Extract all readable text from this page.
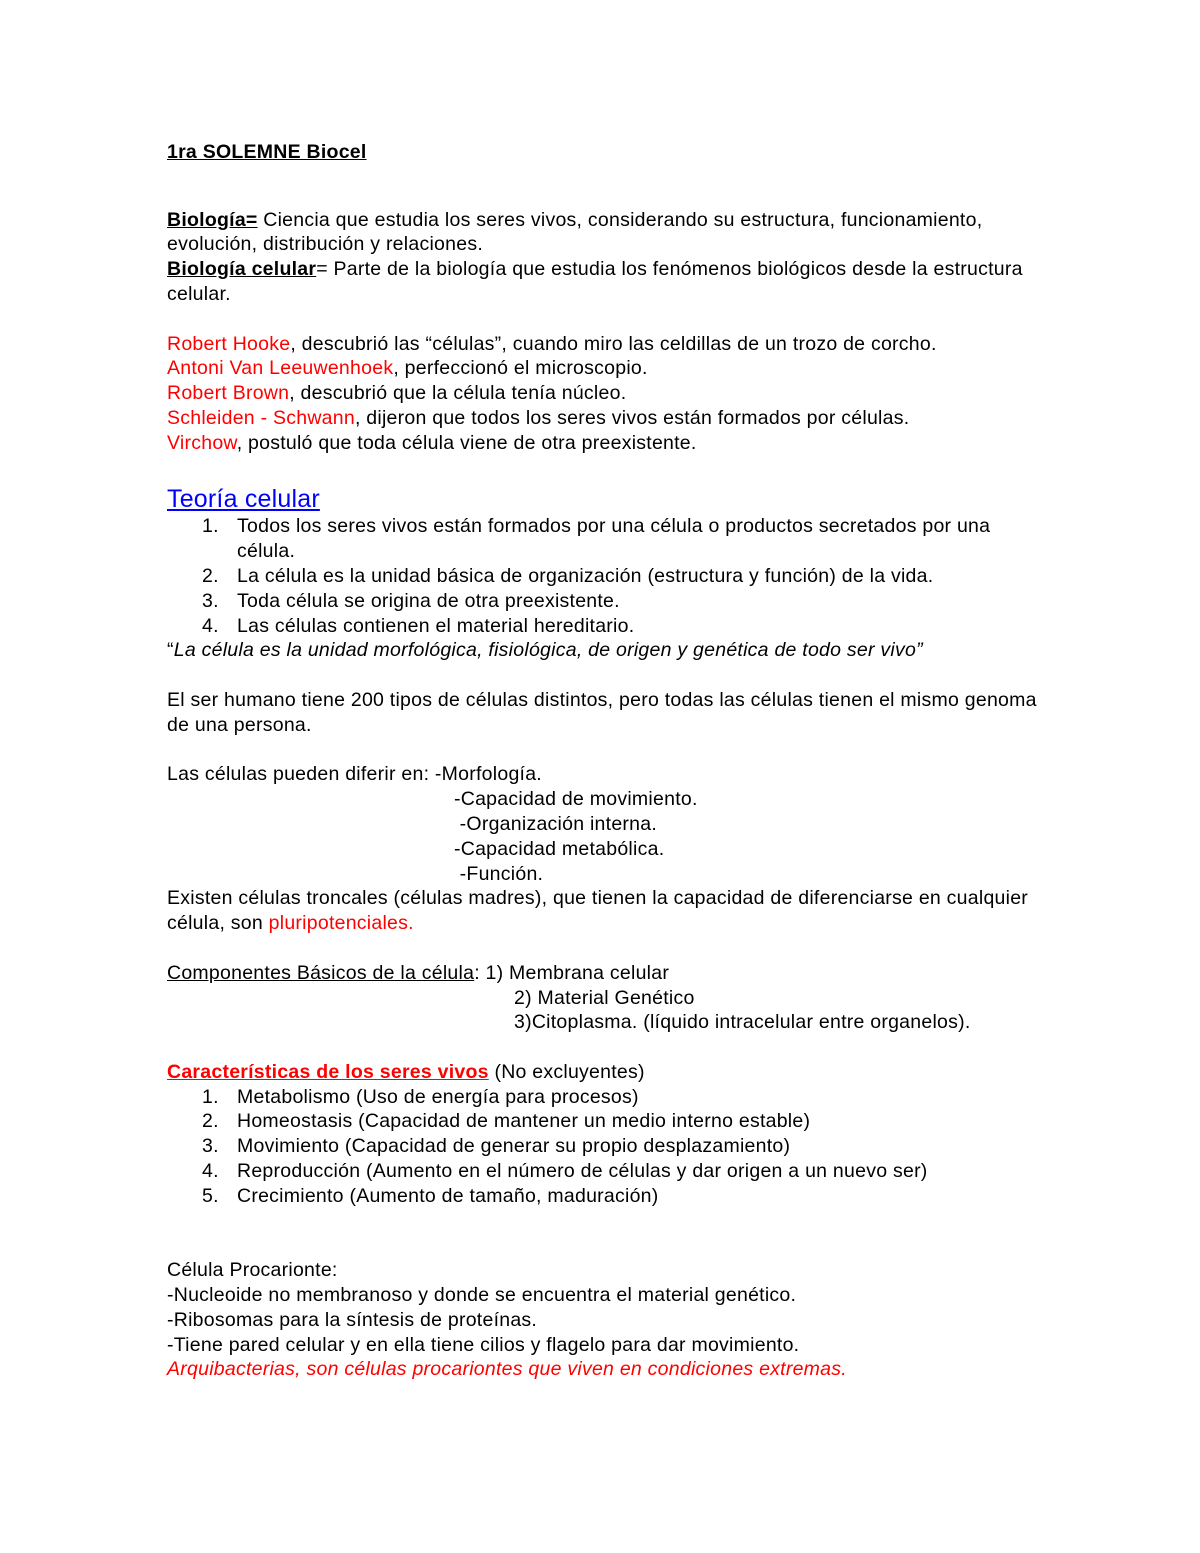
1ra SOLEMNE Biocel

Biología= Ciencia que estudia los seres vivos, considerando su estructura, funcionamiento, evolución, distribución y relaciones.

Biología celular= Parte de la biología que estudia los fenómenos biológicos desde la estructura celular.

Robert Hooke, descubrió las “células”, cuando miro las celdillas de un trozo de corcho.

Antoni Van Leeuwenhoek, perfeccionó el microscopio.

Robert Brown, descubrió que la célula tenía núcleo.

Schleiden - Schwann, dijeron que todos los seres vivos están formados por células.

Virchow, postuló que toda célula viene de otra preexistente.

Teoría celular

1. Todos los seres vivos están formados por una célula o productos secretados por una célula.
2. La célula es la unidad básica de organización (estructura y función) de la vida.
3. Toda célula se origina de otra preexistente.
4. Las células contienen el material hereditario.

“La célula es la unidad morfológica, fisiológica, de origen y genética de todo ser vivo”

El ser humano tiene 200 tipos de células distintos, pero todas las células tienen el mismo genoma de una persona.

Las células pueden diferir en: -Morfología.

-Capacidad de movimiento.

-Organización interna.

-Capacidad metabólica.

-Función.

Existen células troncales (células madres), que tienen la capacidad de diferenciarse en cualquier célula, son pluripotenciales.

Componentes Básicos de la célula: 1) Membrana celular

2) Material Genético

3)Citoplasma. (líquido intracelular entre organelos).

Características de los seres vivos (No excluyentes)

1. Metabolismo (Uso de energía para procesos)
2. Homeostasis (Capacidad de mantener un medio interno estable)
3. Movimiento (Capacidad de generar su propio desplazamiento)
4. Reproducción (Aumento en el número de células y dar origen a un nuevo ser)
5. Crecimiento (Aumento de tamaño, maduración)

Célula Procarionte:

-Nucleoide no membranoso y donde se encuentra el material genético.

-Ribosomas para la síntesis de proteínas.

-Tiene pared celular y en ella tiene cilios y flagelo para dar movimiento.

Arquibacterias, son células procariontes que viven en condiciones extremas.
